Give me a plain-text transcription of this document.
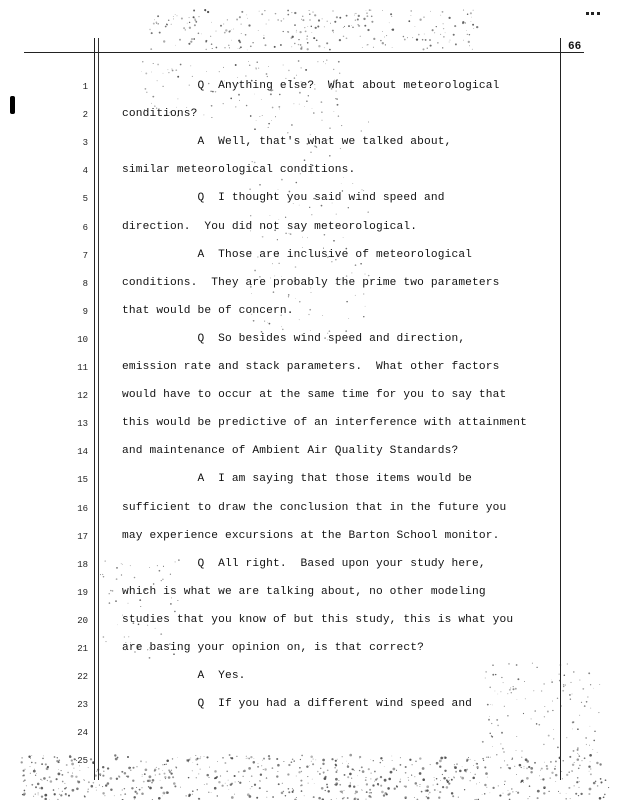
66
1	Q  Anything else?  What about meteorological
2	conditions?
3	A  Well, that's what we talked about,
4	similar meteorological conditions.
5	Q  I thought you said wind speed and
6	direction.  You did not say meteorological.
7	A  Those are inclusive of meteorological
8	conditions.  They are probably the prime two parameters
9	that would be of concern.
10	Q  So besides wind speed and direction,
11	emission rate and stack parameters.  What other factors
12	would have to occur at the same time for you to say that
13	this would be predictive of an interference with attainment
14	and maintenance of Ambient Air Quality Standards?
15	A  I am saying that those items would be
16	sufficient to draw the conclusion that in the future you
17	may experience excursions at the Barton School monitor.
18	Q  All right.  Based upon your study here,
19	which is what we are talking about, no other modeling
20	studies that you know of but this study, this is what you
21	are basing your opinion on, is that correct?
22	A  Yes.
23	Q  If you had a different wind speed and
24
25
